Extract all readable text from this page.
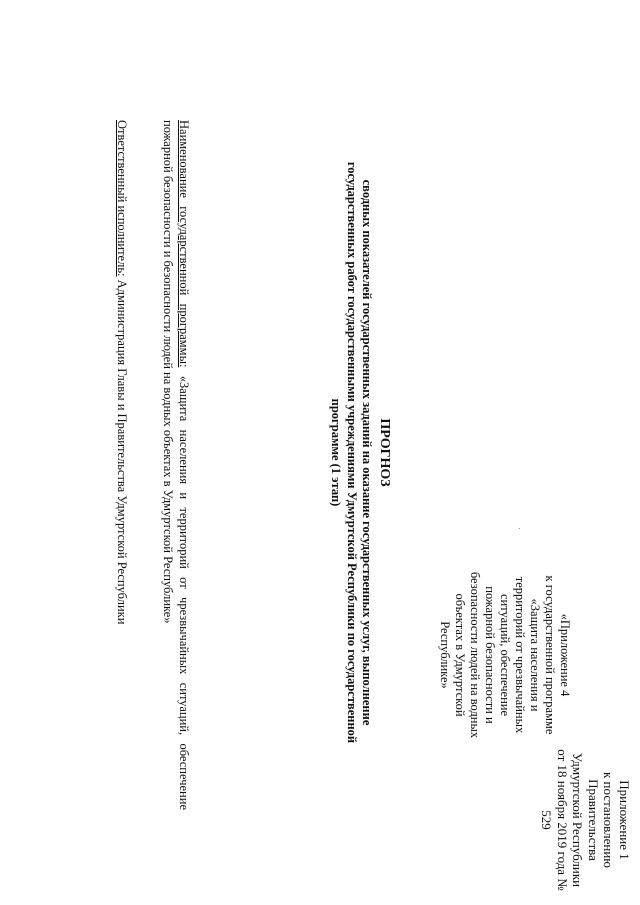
Приложение 1
к постановлению Правительства
Удмуртской Республики
от 18 ноября 2019 года № 529
«Приложение 4
к государственной программе
«Защита населения и
территорий от чрезвычайных
ситуаций, обеспечение
пожарной безопасности и
безопасности людей на водных
объектах в Удмуртской
Республике»
ПРОГНОЗ
сводных показателей государственных заданий на оказание государственных услуг, выполнение
государственных работ государственными учреждениями Удмуртской Республики по государственной
программе (1 этап)
Наименование государственной программы: «Защита населения и территорий от чрезвычайных ситуаций, обеспечение пожарной безопасности и безопасности людей на водных объектах в Удмуртской Республике»
Ответственный исполнитель: Администрация Главы и Правительства Удмуртской Республики
